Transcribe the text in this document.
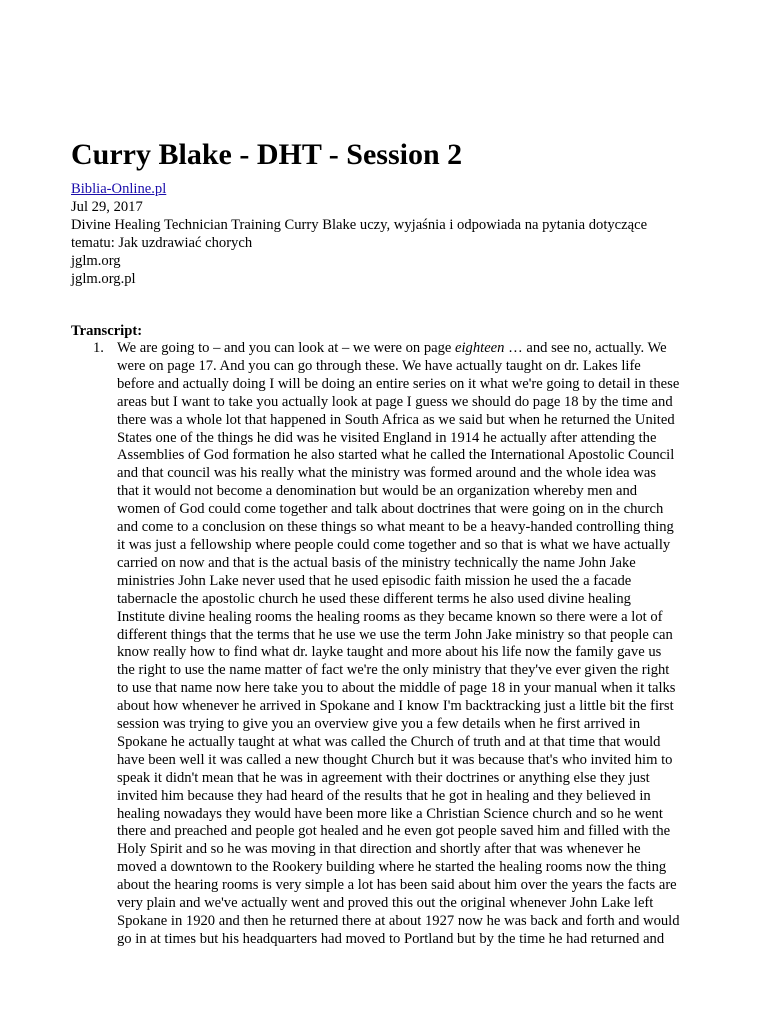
Curry Blake - DHT - Session 2
Biblia-Online.pl
Jul 29, 2017
Divine Healing Technician Training Curry Blake uczy, wyjaśnia i odpowiada na pytania dotyczące
tematu: Jak uzdrawiać chorych
jglm.org
jglm.org.pl
Transcript:
1. We are going to – and you can look at – we were on page eighteen … and see no, actually. We
were on page 17. And you can go through these. We have actually taught on dr. Lakes life
before and actually doing I will be doing an entire series on it what we're going to detail in these
areas but I want to take you actually look at page I guess we should do page 18 by the time and
there was a whole lot that happened in South Africa as we said but when he returned the United
States one of the things he did was he visited England in 1914 he actually after attending the
Assemblies of God formation he also started what he called the International Apostolic Council
and that council was his really what the ministry was formed around and the whole idea was
that it would not become a denomination but would be an organization whereby men and
women of God could come together and talk about doctrines that were going on in the church
and come to a conclusion on these things so what meant to be a heavy-handed controlling thing
it was just a fellowship where people could come together and so that is what we have actually
carried on now and that is the actual basis of the ministry technically the name John Jake
ministries John Lake never used that he used episodic faith mission he used the a facade
tabernacle the apostolic church he used these different terms he also used divine healing
Institute divine healing rooms the healing rooms as they became known so there were a lot of
different things that the terms that he use we use the term John Jake ministry so that people can
know really how to find what dr. layke taught and more about his life now the family gave us
the right to use the name matter of fact we're the only ministry that they've ever given the right
to use that name now here take you to about the middle of page 18 in your manual when it talks
about how whenever he arrived in Spokane and I know I'm backtracking just a little bit the first
session was trying to give you an overview give you a few details when he first arrived in
Spokane he actually taught at what was called the Church of truth and at that time that would
have been well it was called a new thought Church but it was because that's who invited him to
speak it didn't mean that he was in agreement with their doctrines or anything else they just
invited him because they had heard of the results that he got in healing and they believed in
healing nowadays they would have been more like a Christian Science church and so he went
there and preached and people got healed and he even got people saved him and filled with the
Holy Spirit and so he was moving in that direction and shortly after that was whenever he
moved a downtown to the Rookery building where he started the healing rooms now the thing
about the hearing rooms is very simple a lot has been said about him over the years the facts are
very plain and we've actually went and proved this out the original whenever John Lake left
Spokane in 1920 and then he returned there at about 1927 now he was back and forth and would
go in at times but his headquarters had moved to Portland but by the time he had returned and
